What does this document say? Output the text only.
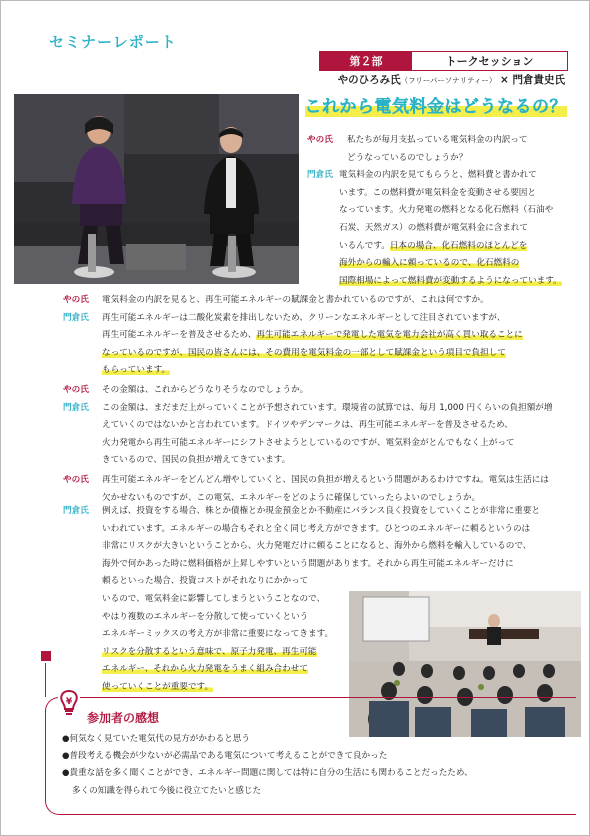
セミナーレポート
第２部	トークセッション
やのひろみ氏（フリーパーソナリティー） × 門倉貴史氏
これから電気料金はどうなるの？
やの氏	私たちが毎月支払っている電気料金の内訳って
どうなっているのでしょうか？
門倉氏 電気料金の内訳を見てもらうと、燃料費と書かれて
います。この燃料費が電気料金を変動させる要因と
なっています。火力発電の燃料となる化石燃料（石油や
石炭、天然ガス）の燃料費が電気料金に含まれて
いるんです。日本の場合、化石燃料のほとんどを
海外からの輸入に頼っているので、化石燃料の
国際相場によって燃料費が変動するようになっています。
やの氏	電気料金の内訳を見ると、再生可能エネルギーの賦課金と書かれているのですが、これは何ですか。
門倉氏	再生可能エネルギーは二酸化炭素を排出しないため、クリーンなエネルギーとして注目されていますが、
再生可能エネルギーを普及させるため、再生可能エネルギーで発電した電気を電力会社が高く買い取ることに
なっているのですが、国民の皆さんには、その費用を電気料金の一部として賦課金という項目で負担して
もらっています。
やの氏	その金額は、これからどうなりそうなのでしょうか。
門倉氏	この金額は、まだまだ上がっていくことが予想されています。環境省の試算では、毎月 1,000 円くらいの負担額が増
えていくのではないかと言われています。ドイツやデンマークは、再生可能エネルギーを普及させるため、
火力発電から再生可能エネルギーにシフトさせようとしているのですが、電気料金がとんでもなく上がって
きているので、国民の負担が増えてきています。
やの氏	再生可能エネルギーをどんどん増やしていくと、国民の負担が増えるという問題があるわけですね。電気は生活には
欠かせないものですが、この電気、エネルギーをどのように確保していったらよいのでしょうか。
門倉氏	例えば、投資をする場合、株とか債権とか現金預金とか不動産にバランス良く投資をしていくことが非常に重要と
いわれています。エネルギーの場合もそれと全く同じ考え方ができます。ひとつのエネルギーに頼るというのは
非常にリスクが大きいということから、火力発電だけに頼ることになると、海外から燃料を輸入しているので、
海外で何かあった時に燃料価格が上昇しやすいという問題があります。それから再生可能エネルギーだけに
頼るといった場合、投資コストがそれなりにかかって
いるので、電気料金に影響してしまうということなので、
やはり複数のエネルギーを分散して使っていくという
エネルギーミックスの考え方が非常に重要になってきます。
リスクを分散するという意味で、原子力発電、再生可能
エネルギー、それから火力発電をうまく組み合わせて
使っていくことが重要です。
¥
参加者の感想
●何気なく見ていた電気代の見方がかわると思う
●普段考える機会が少ないが必需品である電気について考えることができて良かった
●貴重な話を多く聞くことができ、エネルギー問題に関しては特に自分の生活にも関わることだったため、
多くの知識を得られて今後に役立てたいと感じた
